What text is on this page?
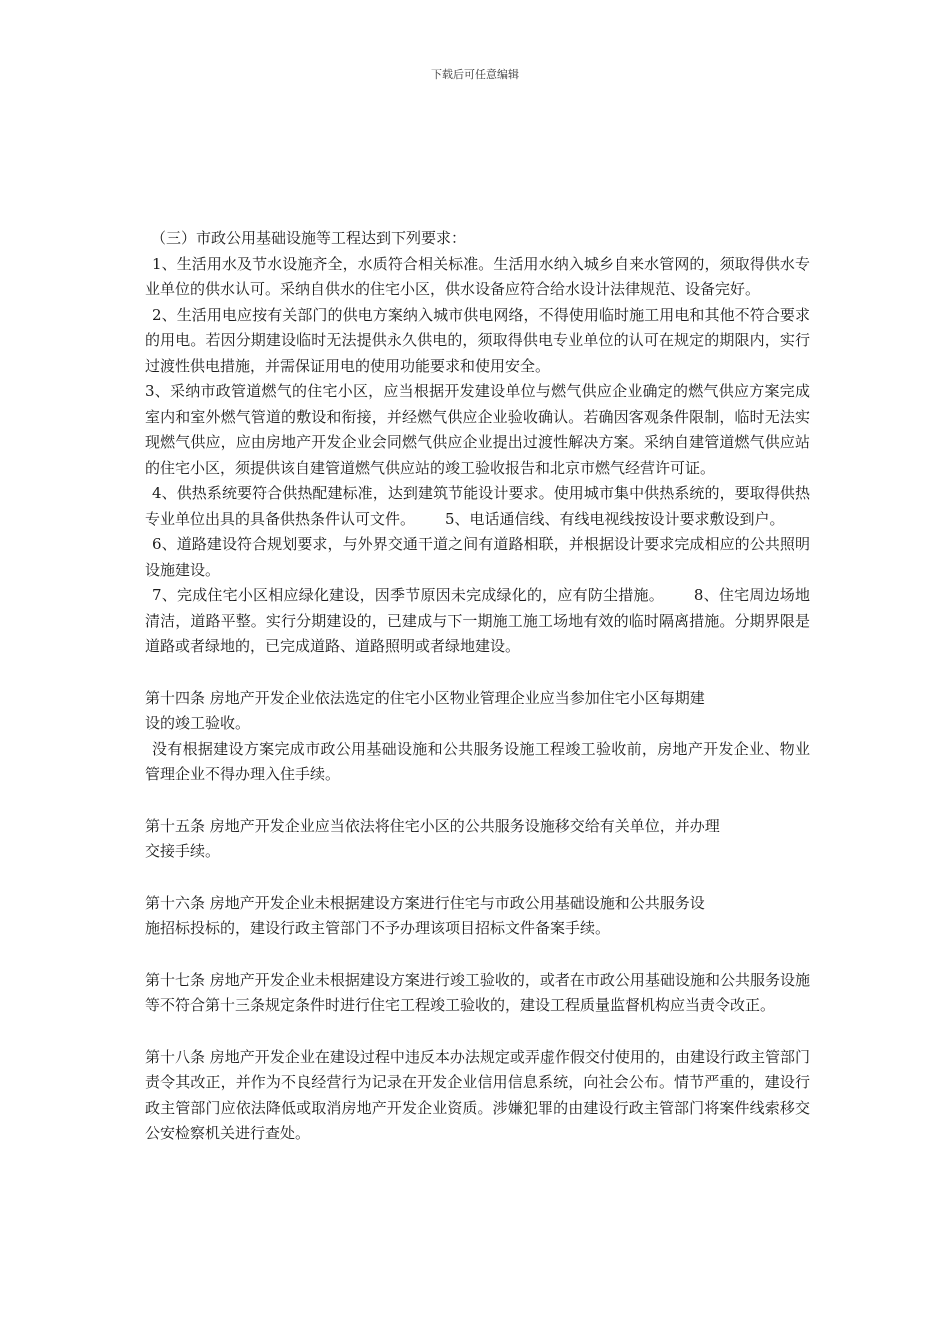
下载后可任意编辑

（三）市政公用基础设施等工程达到下列要求：

1、生活用水及节水设施齐全，水质符合相关标准。生活用水纳入城乡自来水管网的，须取得供水专业单位的供水认可。采纳自供水的住宅小区，供水设备应符合给水设计法律规范、设备完好。

2、生活用电应按有关部门的供电方案纳入城市供电网络，不得使用临时施工用电和其他不符合要求的用电。若因分期建设临时无法提供永久供电的，须取得供电专业单位的认可在规定的期限内，实行过渡性供电措施，并需保证用电的使用功能要求和使用安全。

3、采纳市政管道燃气的住宅小区，应当根据开发建设单位与燃气供应企业确定的燃气供应方案完成室内和室外燃气管道的敷设和衔接，并经燃气供应企业验收确认。若确因客观条件限制，临时无法实现燃气供应，应由房地产开发企业会同燃气供应企业提出过渡性解决方案。采纳自建管道燃气供应站的住宅小区，须提供该自建管道燃气供应站的竣工验收报告和北京市燃气经营许可证。

4、供热系统要符合供热配建标准，达到建筑节能设计要求。使用城市集中供热系统的，要取得供热专业单位出具的具备供热条件认可文件。 5、电话通信线、有线电视线按设计要求敷设到户。

6、道路建设符合规划要求，与外界交通干道之间有道路相联，并根据设计要求完成相应的公共照明设施建设。

7、完成住宅小区相应绿化建设，因季节原因未完成绿化的，应有防尘措施。 8、住宅周边场地清洁，道路平整。实行分期建设的，已建成与下一期施工施工场地有效的临时隔离措施。分期界限是道路或者绿地的，已完成道路、道路照明或者绿地建设。

第十四条 房地产开发企业依法选定的住宅小区物业管理企业应当参加住宅小区每期建

设的竣工验收。

没有根据建设方案完成市政公用基础设施和公共服务设施工程竣工验收前，房地产开发企业、物业管理企业不得办理入住手续。

第十五条 房地产开发企业应当依法将住宅小区的公共服务设施移交给有关单位，并办理

交接手续。

第十六条 房地产开发企业未根据建设方案进行住宅与市政公用基础设施和公共服务设

施招标投标的，建设行政主管部门不予办理该项目招标文件备案手续。

第十七条 房地产开发企业未根据建设方案进行竣工验收的，或者在市政公用基础设施和公共服务设施等不符合第十三条规定条件时进行住宅工程竣工验收的，建设工程质量监督机构应当责令改正。

第十八条 房地产开发企业在建设过程中违反本办法规定或弄虚作假交付使用的，由建设行政主管部门责令其改正，并作为不良经营行为记录在开发企业信用信息系统，向社会公布。情节严重的，建设行政主管部门应依法降低或取消房地产开发企业资质。涉嫌犯罪的由建设行政主管部门将案件线索移交公安检察机关进行查处。
